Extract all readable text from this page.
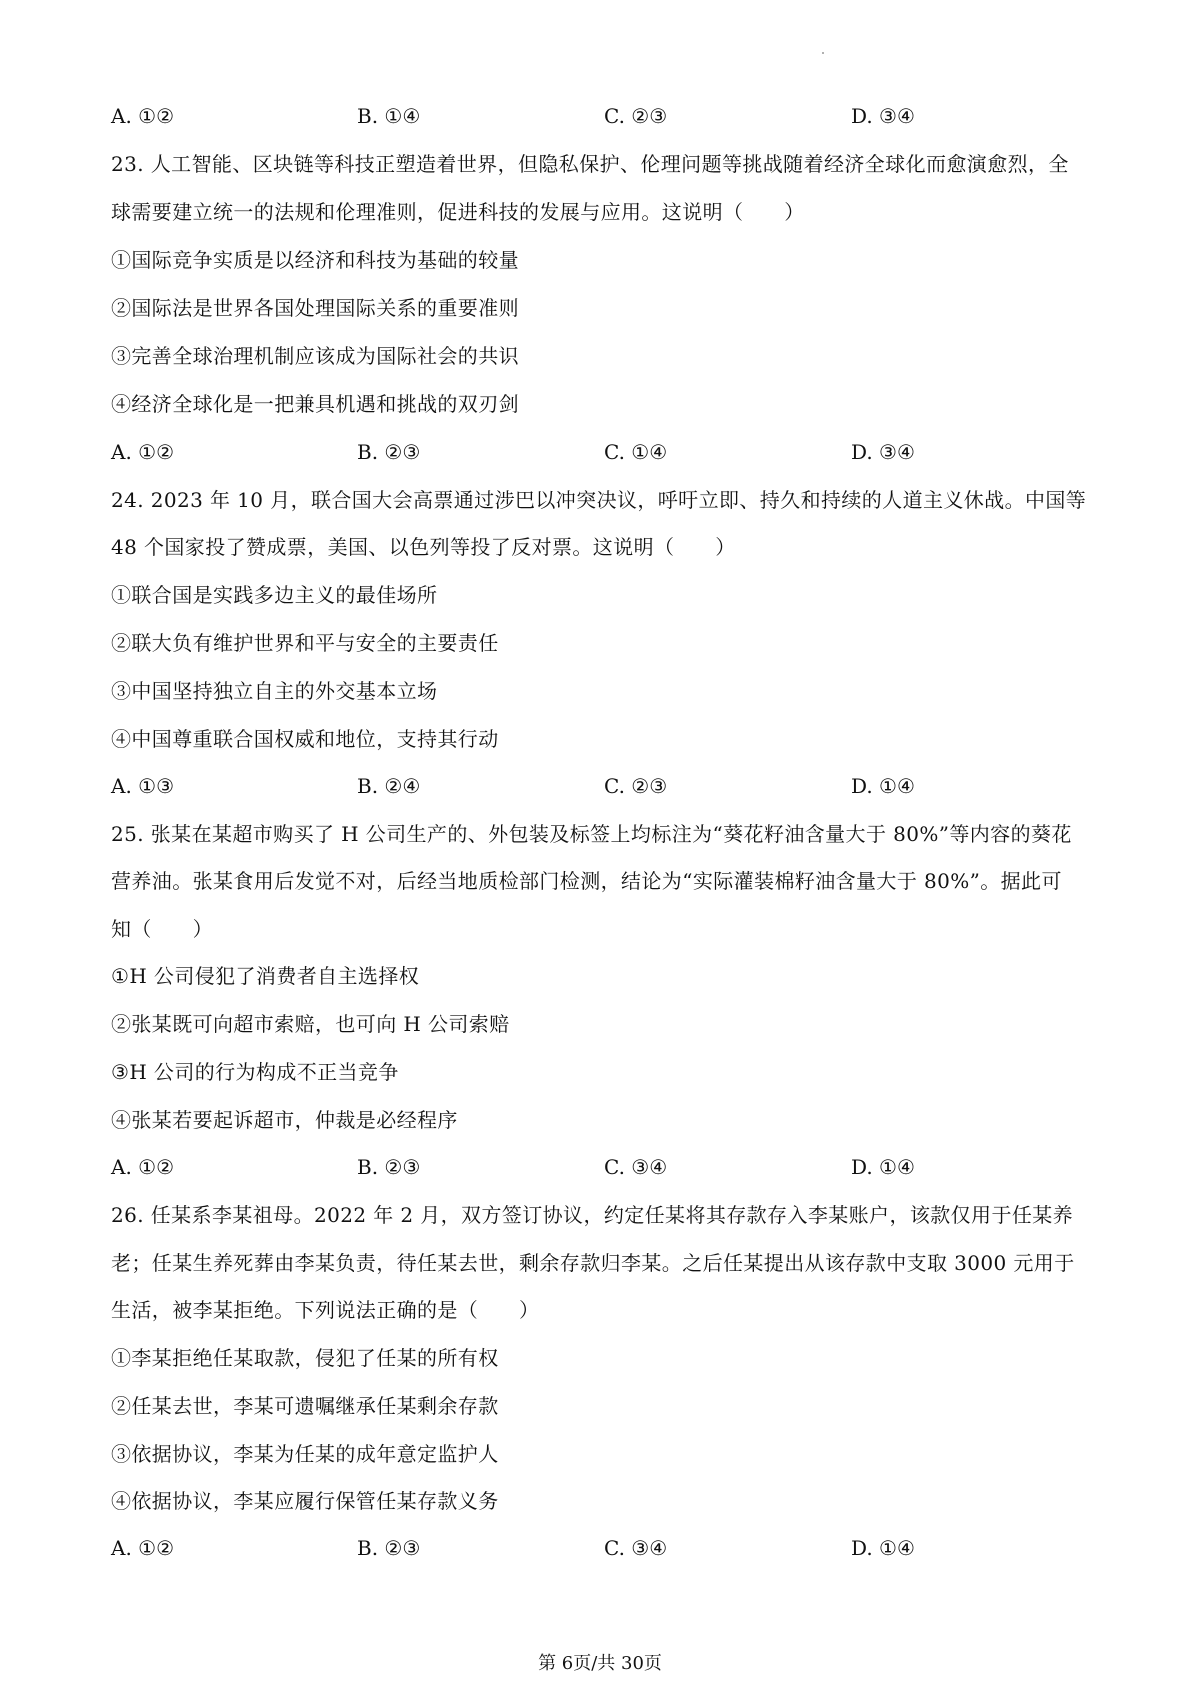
A. ①②	B. ①④	C. ②③	D. ③④
23. 人工智能、区块链等科技正塑造着世界，但隐私保护、伦理问题等挑战随着经济全球化而愈演愈烈，全
球需要建立统一的法规和伦理准则，促进科技的发展与应用。这说明（　　）
①国际竞争实质是以经济和科技为基础的较量
②国际法是世界各国处理国际关系的重要准则
③完善全球治理机制应该成为国际社会的共识
④经济全球化是一把兼具机遇和挑战的双刃剑
A. ①②	B. ②③	C. ①④	D. ③④
24. 2023 年 10 月，联合国大会高票通过涉巴以冲突决议，呼吁立即、持久和持续的人道主义休战。中国等
48 个国家投了赞成票，美国、以色列等投了反对票。这说明（　　）
①联合国是实践多边主义的最佳场所
②联大负有维护世界和平与安全的主要责任
③中国坚持独立自主的外交基本立场
④中国尊重联合国权威和地位，支持其行动
A. ①③	B. ②④	C. ②③	D. ①④
25. 张某在某超市购买了 H 公司生产的、外包装及标签上均标注为“葵花籽油含量大于 80%”等内容的葵花
营养油。张某食用后发觉不对，后经当地质检部门检测，结论为“实际灌装棉籽油含量大于 80%”。据此可
知（　　）
①H 公司侵犯了消费者自主选择权
②张某既可向超市索赔，也可向 H 公司索赔
③H 公司的行为构成不正当竞争
④张某若要起诉超市，仲裁是必经程序
A. ①②	B. ②③	C. ③④	D. ①④
26. 任某系李某祖母。2022 年 2 月，双方签订协议，约定任某将其存款存入李某账户，该款仅用于任某养
老；任某生养死葬由李某负责，待任某去世，剩余存款归李某。之后任某提出从该存款中支取 3000 元用于
生活，被李某拒绝。下列说法正确的是（　　）
①李某拒绝任某取款，侵犯了任某的所有权
②任某去世，李某可遗嘱继承任某剩余存款
③依据协议，李某为任某的成年意定监护人
④依据协议，李某应履行保管任某存款义务
A. ①②	B. ②③	C. ③④	D. ①④
第 6页/共 30页
